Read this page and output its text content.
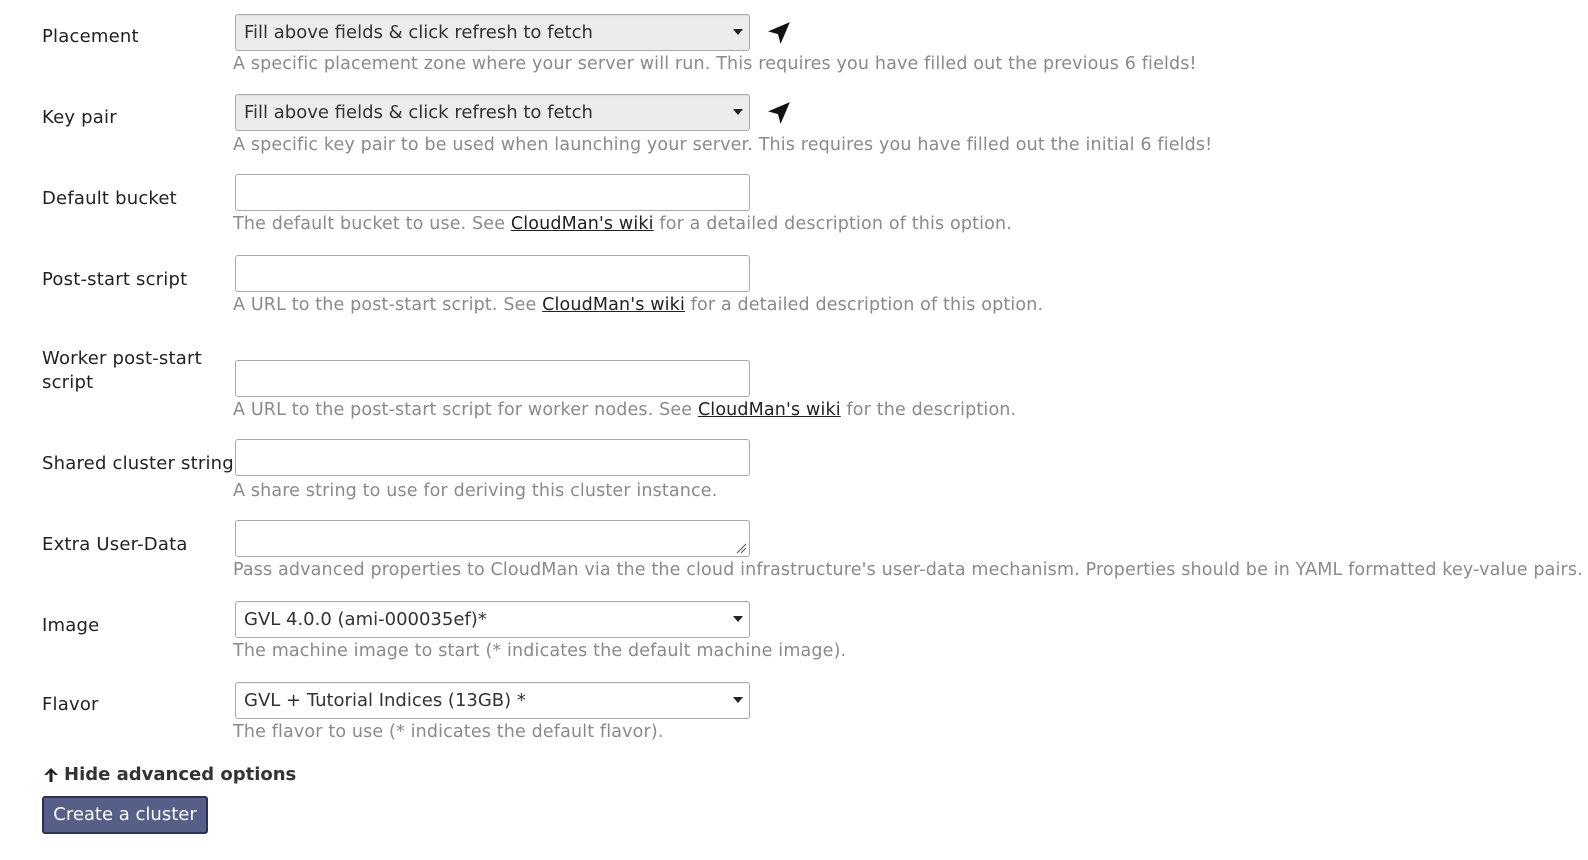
Placement	Fill above fields & click refresh to fetch
A specific placement zone where your server will run. This requires you have filled out the previous 6 fields!
Key pair	Fill above fields & click refresh to fetch
A specific key pair to be used when launching your server. This requires you have filled out the initial 6 fields!
Default bucket
The default bucket to use. See CloudMan's wiki for a detailed description of this option.
Post-start script
A URL to the post-start script. See CloudMan's wiki for a detailed description of this option.
Worker post-start
script
A URL to the post-start script for worker nodes. See CloudMan's wiki for the description.
Shared cluster string
A share string to use for deriving this cluster instance.
Extra User-Data
Pass advanced properties to CloudMan via the the cloud infrastructure's user-data mechanism. Properties should be in YAML formatted key-value pairs.
Image	GVL 4.0.0 (ami-000035ef)*
The machine image to start (* indicates the default machine image).
Flavor	GVL + Tutorial Indices (13GB) *
The flavor to use (* indicates the default flavor).
Hide advanced options
Create a cluster
